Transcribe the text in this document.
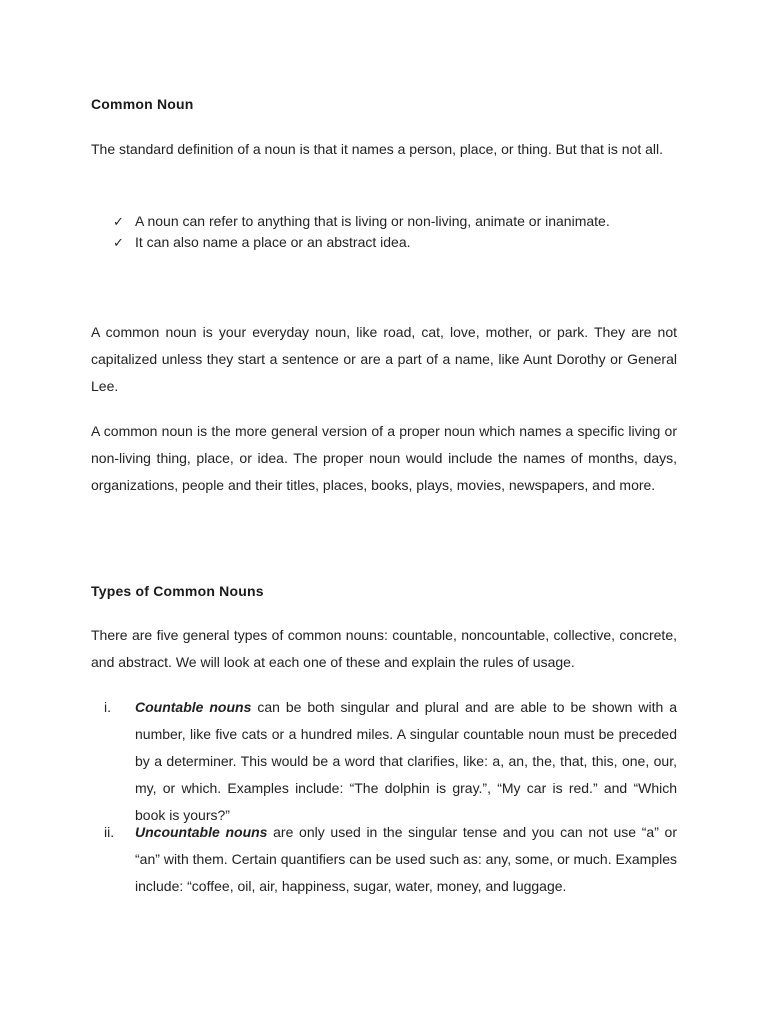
Common Noun

The standard definition of a noun is that it names a person, place, or thing. But that is not all.

✓ A noun can refer to anything that is living or non-living, animate or inanimate.
✓ It can also name a place or an abstract idea.

A common noun is your everyday noun, like road, cat, love, mother, or park. They are not capitalized unless they start a sentence or are a part of a name, like Aunt Dorothy or General Lee.

A common noun is the more general version of a proper noun which names a specific living or non-living thing, place, or idea. The proper noun would include the names of months, days, organizations, people and their titles, places, books, plays, movies, newspapers, and more.

Types of Common Nouns

There are five general types of common nouns: countable, noncountable, collective, concrete, and abstract. We will look at each one of these and explain the rules of usage.

i. Countable nouns can be both singular and plural and are able to be shown with a number, like five cats or a hundred miles. A singular countable noun must be preceded by a determiner. This would be a word that clarifies, like: a, an, the, that, this, one, our, my, or which. Examples include: “The dolphin is gray.”, “My car is red.” and “Which book is yours?”
ii. Uncountable nouns are only used in the singular tense and you can not use “a” or “an” with them. Certain quantifiers can be used such as: any, some, or much. Examples include: “coffee, oil, air, happiness, sugar, water, money, and luggage.
